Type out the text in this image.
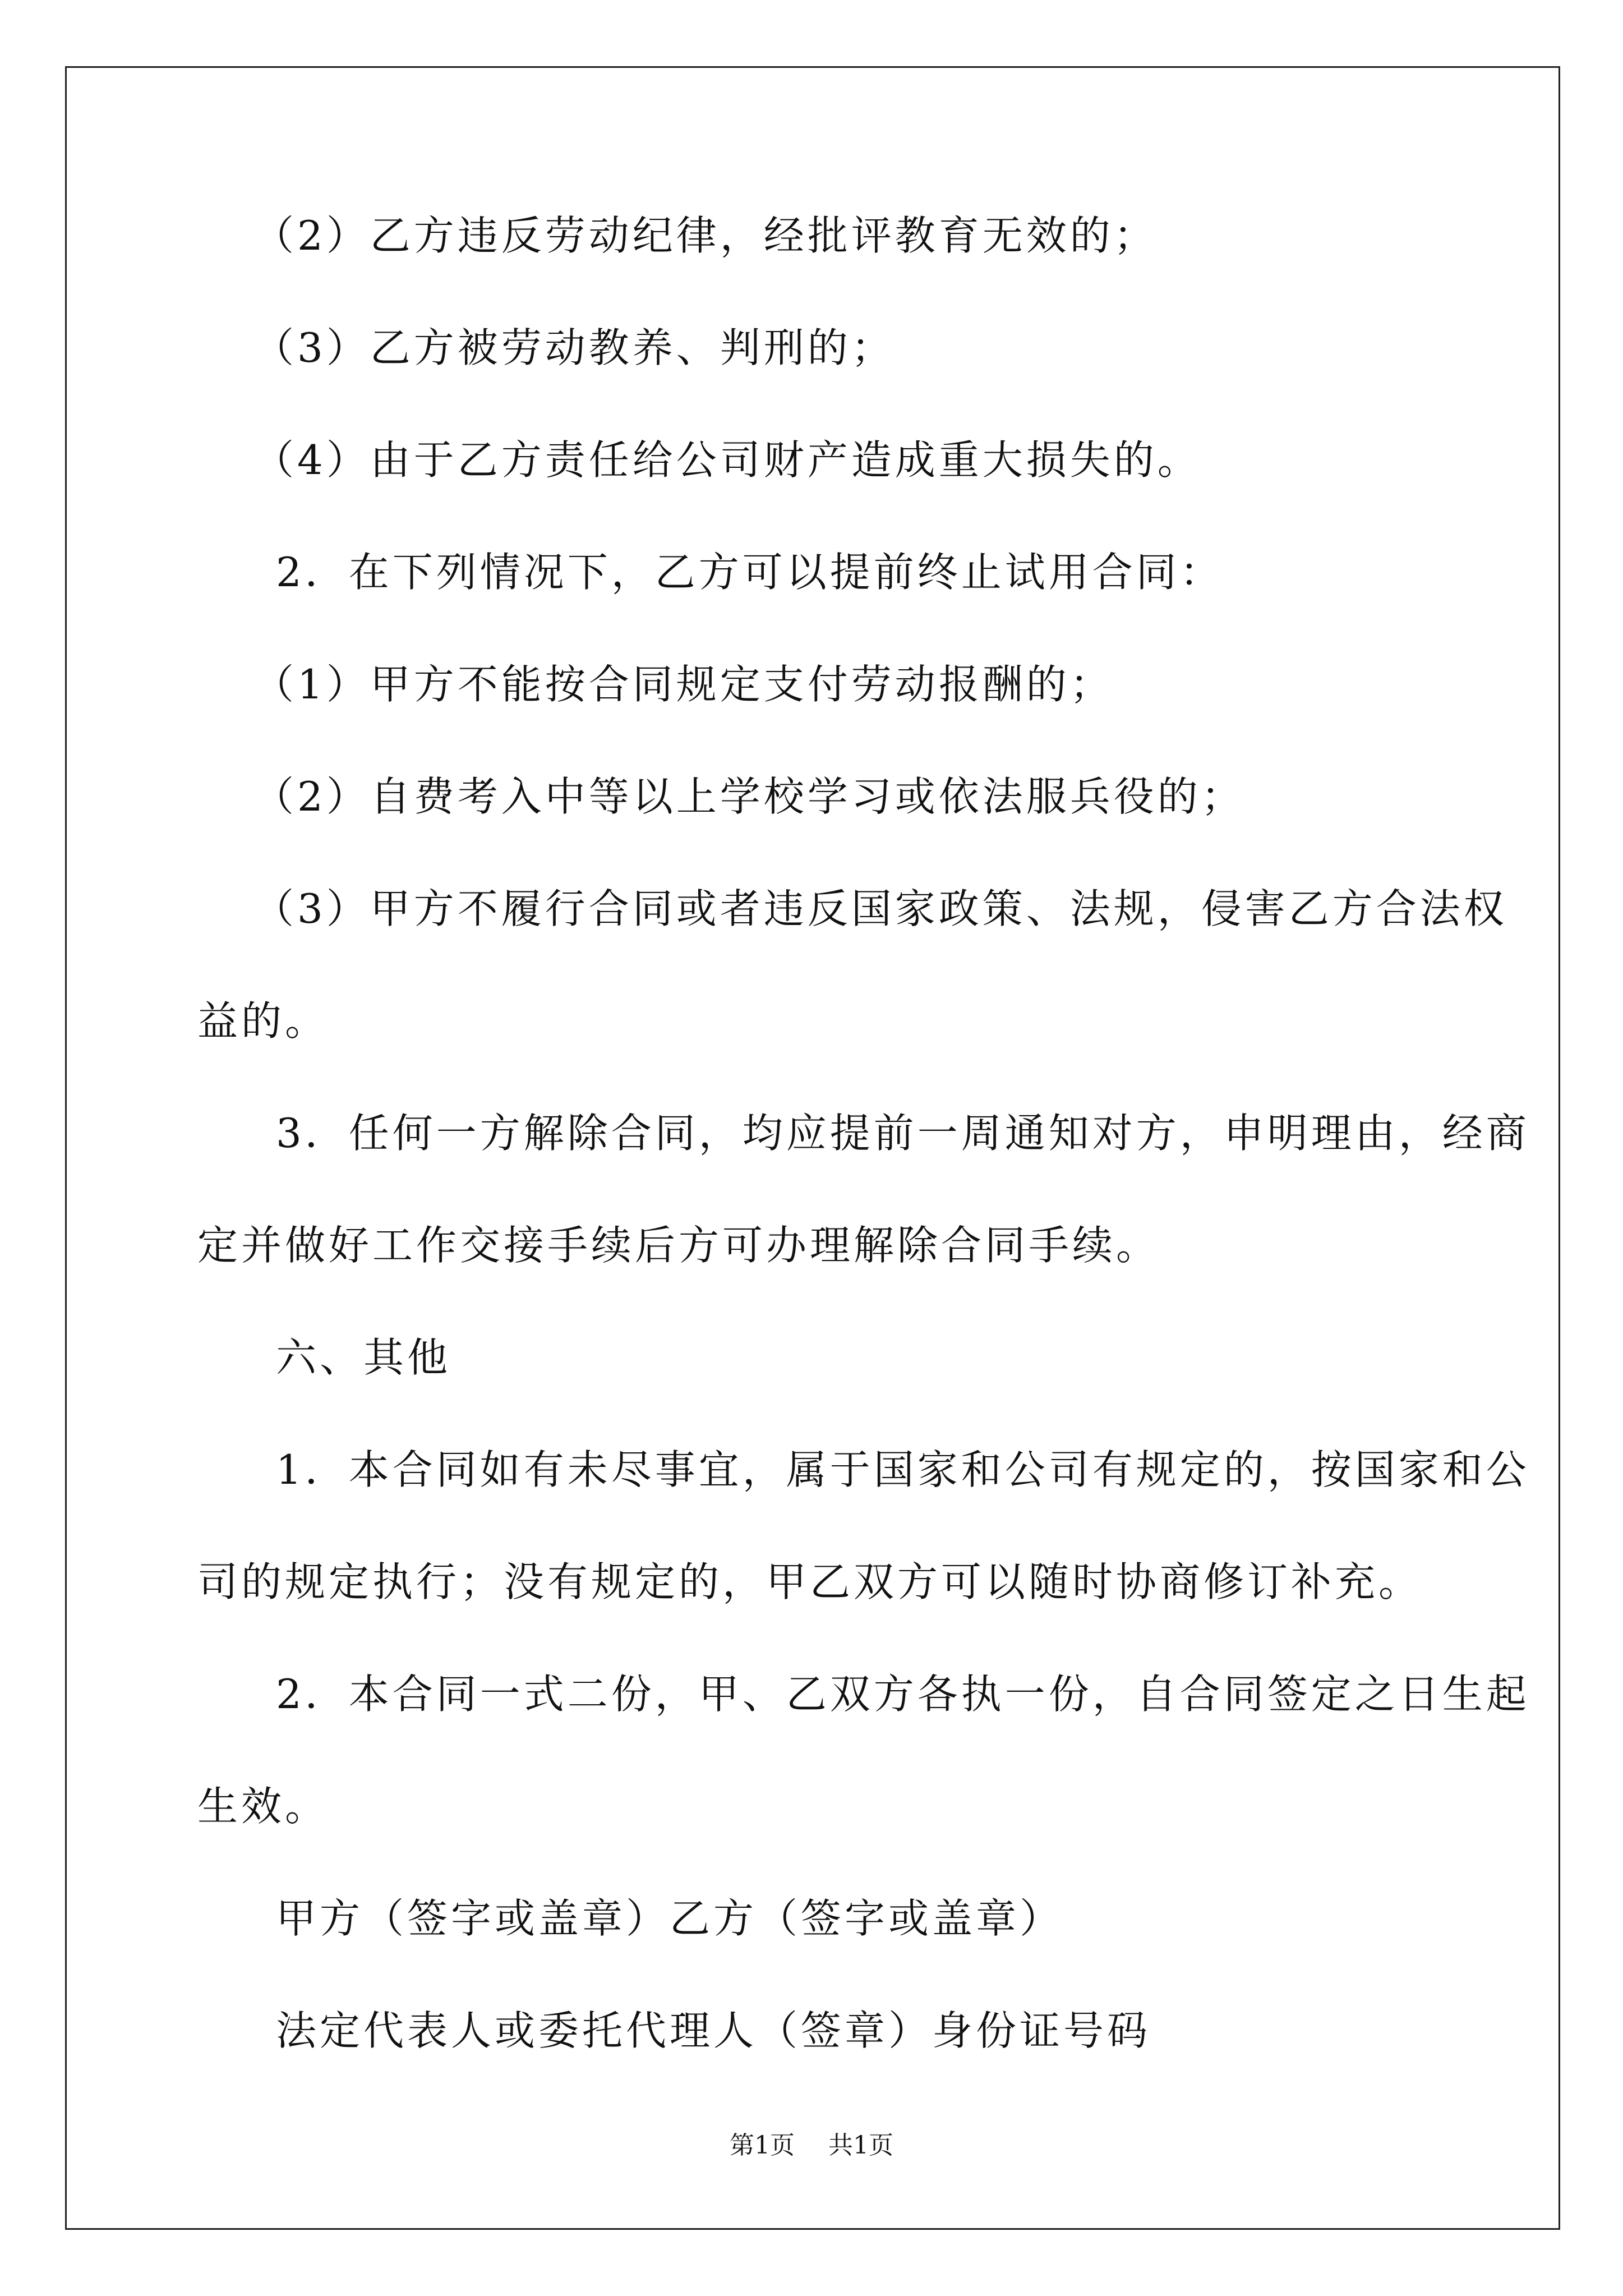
（2）乙方违反劳动纪律，经批评教育无效的；
（3）乙方被劳动教养、判刑的；
（4）由于乙方责任给公司财产造成重大损失的。
2．在下列情况下，乙方可以提前终止试用合同：
（1）甲方不能按合同规定支付劳动报酬的；
（2）自费考入中等以上学校学习或依法服兵役的；
（3）甲方不履行合同或者违反国家政策、法规，侵害乙方合法权
益的。
3．任何一方解除合同，均应提前一周通知对方，申明理由，经商
定并做好工作交接手续后方可办理解除合同手续。
六、其他
1．本合同如有未尽事宜，属于国家和公司有规定的，按国家和公
司的规定执行；没有规定的，甲乙双方可以随时协商修订补充。
2．本合同一式二份，甲、乙双方各执一份，自合同签定之日生起
生效。
甲方（签字或盖章）乙方（签字或盖章）
法定代表人或委托代理人（签章）身份证号码
第1页 共1页
